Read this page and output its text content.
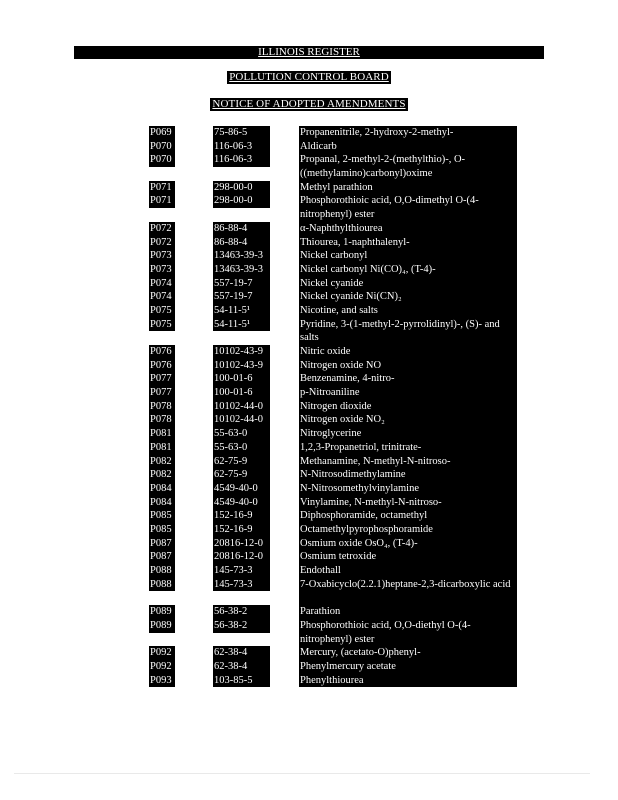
ILLINOIS REGISTER
POLLUTION CONTROL BOARD
NOTICE OF ADOPTED AMENDMENTS
P069	75-86-5	Propanenitrile, 2-hydroxy-2-methyl-
P070	116-06-3	Aldicarb
P070	116-06-3	Propanal, 2-methyl-2-(methylthio)-, O-((methylamino)carbonyl)oxime
P071	298-00-0	Methyl parathion
P071	298-00-0	Phosphorothioic acid, O,O-dimethyl O-(4-nitrophenyl) ester
P072	86-88-4	α-Naphthylthiourea
P072	86-88-4	Thiourea, 1-naphthalenyl-
P073	13463-39-3	Nickel carbonyl
P073	13463-39-3	Nickel carbonyl Ni(CO)₄, (T-4)-
P074	557-19-7	Nickel cyanide
P074	557-19-7	Nickel cyanide Ni(CN)₂
P075	54-11-5¹	Nicotine, and salts
P075	54-11-5¹	Pyridine, 3-(1-methyl-2-pyrrolidinyl)-, (S)- and salts
P076	10102-43-9	Nitric oxide
P076	10102-43-9	Nitrogen oxide NO
P077	100-01-6	Benzenamine, 4-nitro-
P077	100-01-6	p-Nitroaniline
P078	10102-44-0	Nitrogen dioxide
P078	10102-44-0	Nitrogen oxide NO₂
P081	55-63-0	Nitroglycerine	(R)
P081	55-63-0	1,2,3-Propanetriol, trinitrate-	(R)
P082	62-75-9	Methanamine, N-methyl-N-nitroso-
P082	62-75-9	N-Nitrosodimethylamine
P084	4549-40-0	N-Nitrosomethylvinylamine
P084	4549-40-0	Vinylamine, N-methyl-N-nitroso-
P085	152-16-9	Diphosphoramide, octamethyl
P085	152-16-9	Octamethylpyrophosphoramide
P087	20816-12-0	Osmium oxide OsO₄, (T-4)-
P087	20816-12-0	Osmium tetroxide
P088	145-73-3	Endothall
P088	145-73-3	7-Oxabicyclo(2.2.1)heptane-2,3-dicarboxylic acid
P089	56-38-2	Parathion
P089	56-38-2	Phosphorothioic acid, O,O-diethyl O-(4-nitrophenyl) ester
P092	62-38-4	Mercury, (acetato-O)phenyl-
P092	62-38-4	Phenylmercury acetate
P093	103-85-5	Phenylthiourea
